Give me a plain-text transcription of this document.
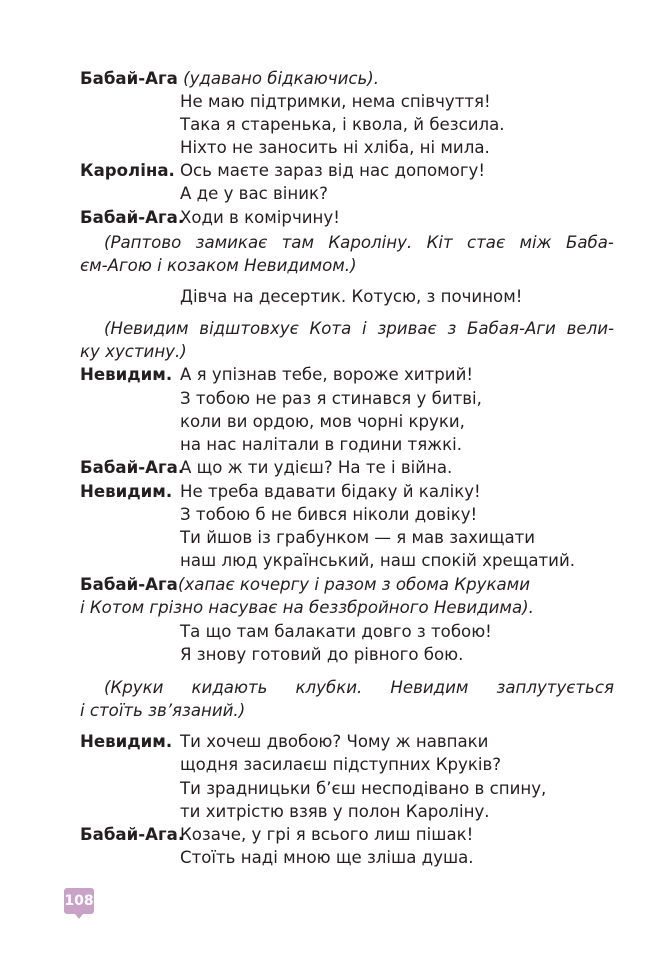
Бабай-Ага (удавано бідкаючись).
Не маю підтримки, нема співчуття!
Така я старенька, і квола, й безсила.
Ніхто не заносить ні хліба, ні мила.
Кароліна. Ось маєте зараз від нас допомогу!
А де у вас віник?
Бабай-Ага.
Ходи в комірчину!
(Раптово замикає там Кароліну. Кіт стає між Баба-
єм-Агою і козаком Невидимом.)
Дівча на десертик. Котусю, з почином!
(Невидим відштовхує Кота і зриває з Бабая-Аги вели-
ку хустину.)
Невидим. А я упізнав тебе, вороже хитрий!
З тобою не раз я стинався у битві,
коли ви ордою, мов чорні круки,
на нас налітали в години тяжкі.
Бабай-Ага.
А що ж ти удієш? На те і війна.
Невидим. Не треба вдавати бідаку й каліку!
З тобою б не бився ніколи довіку!
Ти йшов із грабунком — я мав захищати
наш люд український, наш спокій хрещатий.
Бабай-Ага (хапає кочергу і разом з обома Круками
і Котом грізно насуває на беззбройного Невидима).
Та що там балакати довго з тобою!
Я знову готовий до рівного бою.
(Круки кидають клубки. Невидим заплутується
і стоїть зв’язаний.)
Невидим. Ти хочеш двобою? Чому ж навпаки
щодня засилаєш підступних Круків?
Ти зрадницьки б’єш несподівано в спину,
ти хитрістю взяв у полон Кароліну.
Бабай-Ага.
Козаче, у грі я всього лиш пішак!
Стоїть наді мною ще зліша душа.
108
